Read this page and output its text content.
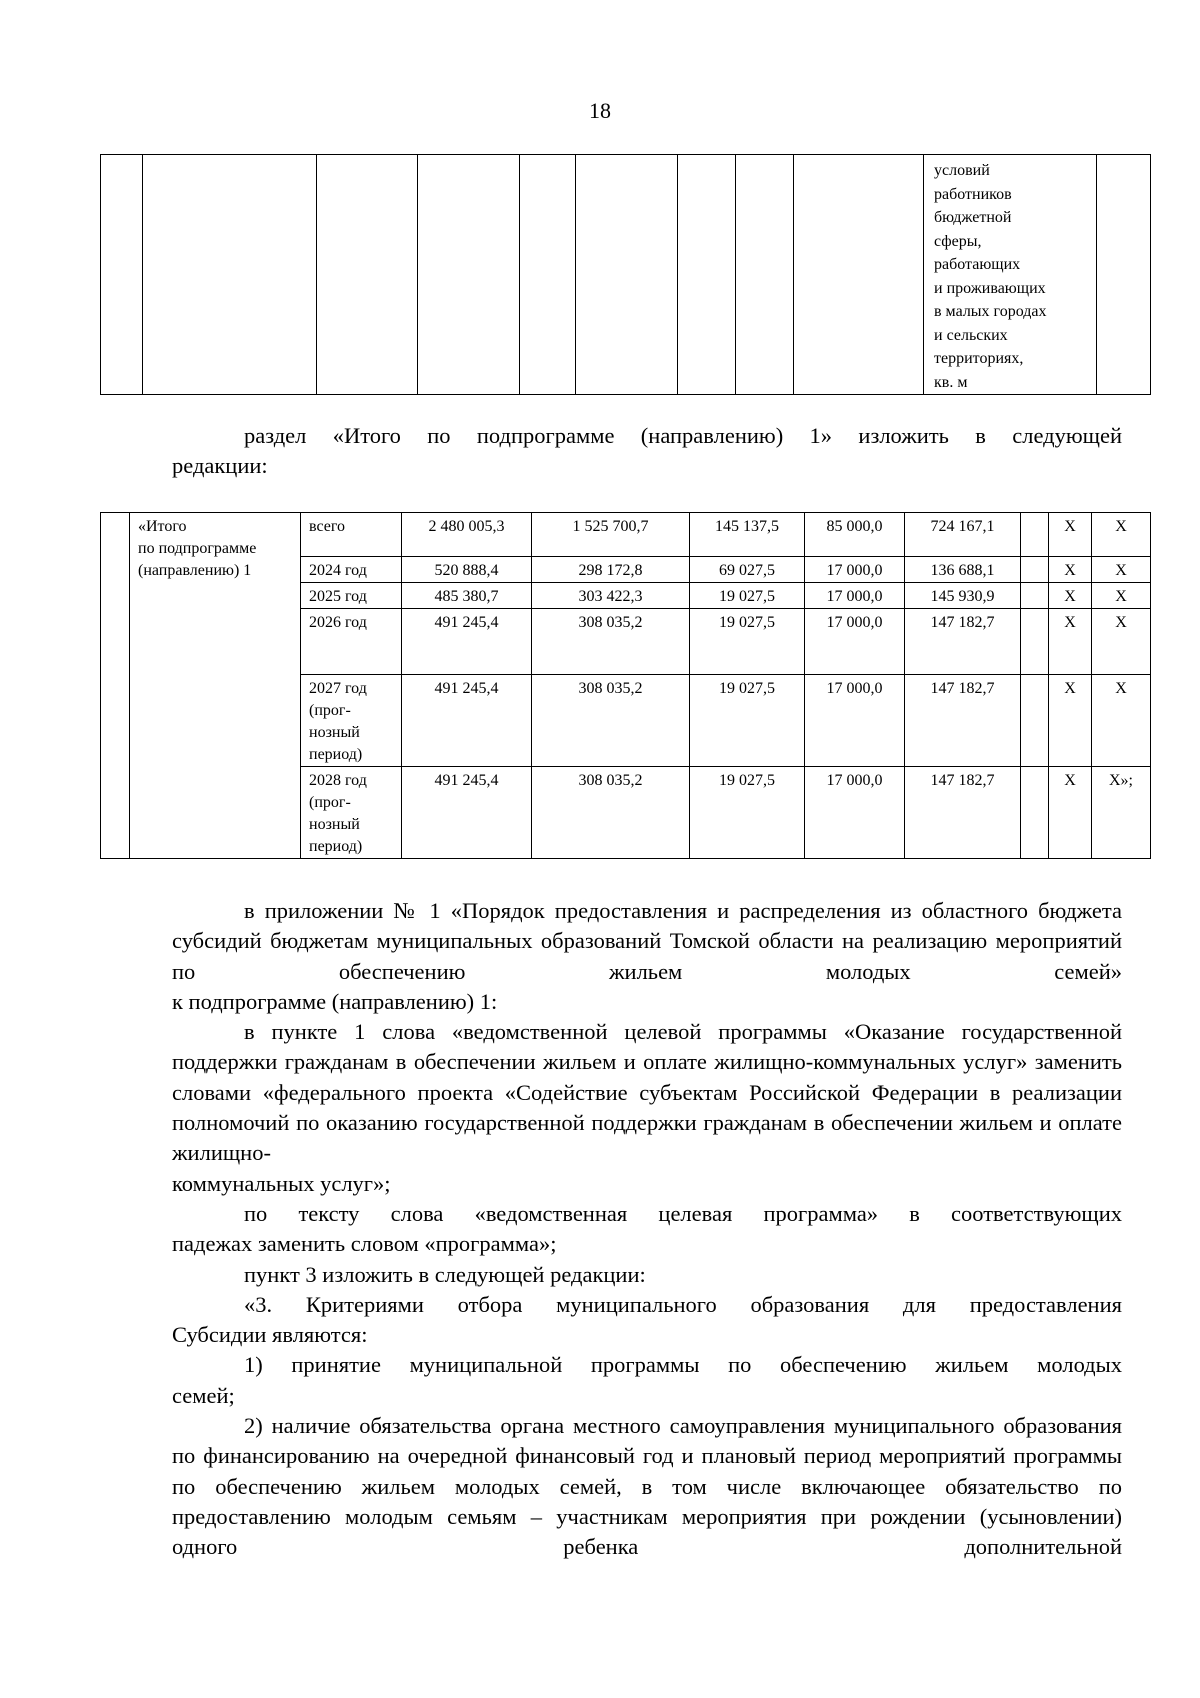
18

условий
работников
бюджетной
сферы,
работающих
и проживающих
в малых городах
и сельских
территориях,
кв. м

раздел «Итого по подпрограмме (направлению) 1» изложить в следующей

редакции:

	«Итого
по подпрограмме
(направлению) 1	всего	2 480 005,3	1 525 700,7	145 137,5	85 000,0	724 167,1		Х	Х

		2024 год	520 888,4	298 172,8	69 027,5	17 000,0	136 688,1		Х	Х

		2025 год	485 380,7	303 422,3	19 027,5	17 000,0	145 930,9		Х	Х

		2026 год	491 245,4	308 035,2	19 027,5	17 000,0	147 182,7		Х	Х

		2027 год
(прог-
нозный
период)	491 245,4	308 035,2	19 027,5	17 000,0	147 182,7		Х	Х

		2028 год
(прог-
нозный
период)	491 245,4	308 035,2	19 027,5	17 000,0	147 182,7		Х	Х»;

в приложении № 1 «Порядок предоставления и распределения из областного бюджета субсидий бюджетам муниципальных образований Томской области на реализацию мероприятий по обеспечению жильем молодых семей»

к подпрограмме (направлению) 1:

в пункте 1 слова «ведомственной целевой программы «Оказание государственной поддержки гражданам в обеспечении жильем и оплате жилищно-коммунальных услуг» заменить словами «федерального проекта «Содействие субъектам Российской Федерации в реализации полномочий по оказанию государственной поддержки гражданам в обеспечении жильем и оплате жилищно-

коммунальных услуг»;

по тексту слова «ведомственная целевая программа» в соответствующих

падежах заменить словом «программа»;

пункт 3 изложить в следующей редакции:

«3. Критериями отбора муниципального образования для предоставления

Субсидии являются:

1) принятие муниципальной программы по обеспечению жильем молодых

семей;

2) наличие обязательства органа местного самоуправления муниципального образования по финансированию на очередной финансовый год и плановый период мероприятий программы по обеспечению жильем молодых семей, в том числе включающее обязательство по предоставлению молодым семьям – участникам мероприятия при рождении (усыновлении) одного ребенка дополнительной
